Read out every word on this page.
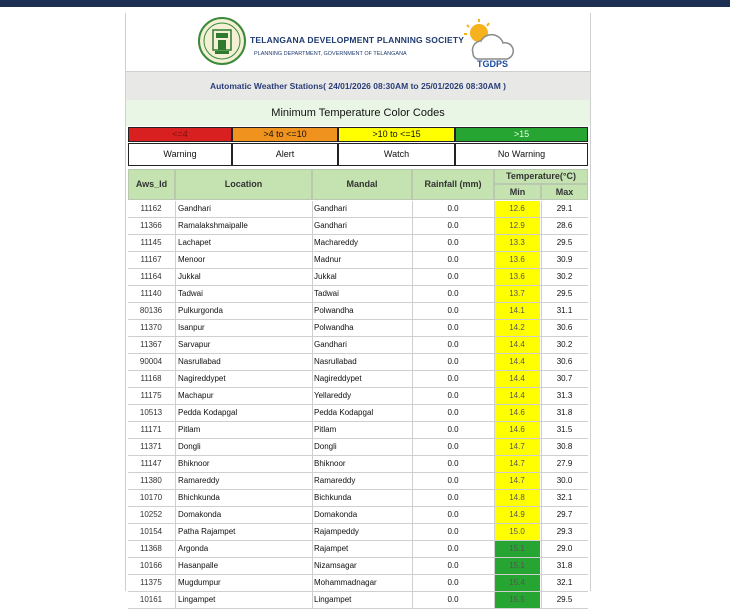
TELANGANA DEVELOPMENT PLANNING SOCIETY
PLANNING DEPARTMENT, GOVERNMENT OF TELANGANA
TGDPS
Automatic Weather Stations( 24/01/2026 08:30AM to 25/01/2026 08:30AM )
Minimum Temperature Color Codes
<=4	>4 to <=10	>10 to <=15	>15
Warning	Alert	Watch	No Warning
Aws_Id	Location	Mandal	Rainfall (mm)
Temperature(°C)
Min	Max
11162	Gandhari	Gandhari	0.0	12.6	29.1
11366	Ramalakshmaipalle	Gandhari	0.0	12.9	28.6
11145	Lachapet	Machareddy	0.0	13.3	29.5
11167	Menoor	Madnur	0.0	13.6	30.9
11164	Jukkal	Jukkal	0.0	13.6	30.2
11140	Tadwai	Tadwai	0.0	13.7	29.5
80136	Pulkurgonda	Polwandha	0.0	14.1	31.1
11370	Isanpur	Polwandha	0.0	14.2	30.6
11367	Sarvapur	Gandhari	0.0	14.4	30.2
90004	Nasrullabad	Nasrullabad	0.0	14.4	30.6
11168	Nagireddypet	Nagireddypet	0.0	14.4	30.7
11175	Machapur	Yellareddy	0.0	14.4	31.3
10513	Pedda Kodapgal	Pedda Kodapgal	0.0	14.6	31.8
11171	Pitlam	Pitlam	0.0	14.6	31.5
11371	Dongli	Dongli	0.0	14.7	30.8
11147	Bhiknoor	Bhiknoor	0.0	14.7	27.9
11380	Ramareddy	Ramareddy	0.0	14.7	30.0
10170	Bhichkunda	Bichkunda	0.0	14.8	32.1
10252	Domakonda	Domakonda	0.0	14.9	29.7
10154	Patha Rajampet	Rajampeddy	0.0	15.0	29.3
11368	Argonda	Rajampet	0.0	15.1	29.0
10166	Hasanpalle	Nizamsagar	0.0	15.1	31.8
11375	Mugdumpur	Mohammadnagar	0.0	15.4	32.1
10161	Lingampet	Lingampet	0.0	15.5	29.5
